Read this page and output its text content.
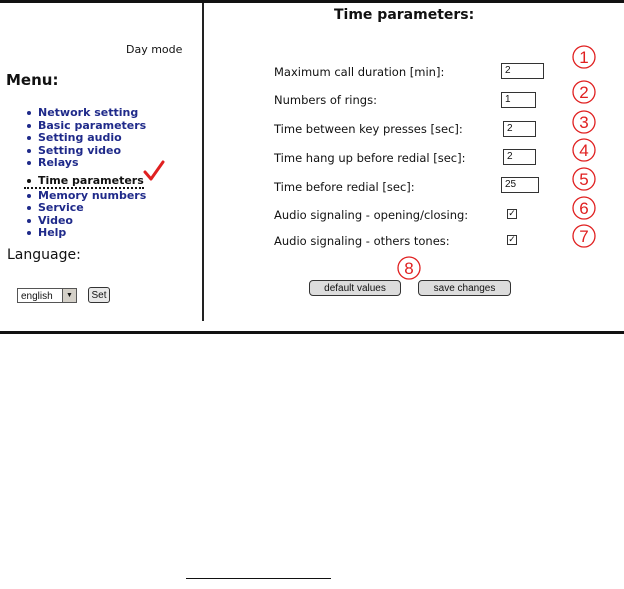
Day mode
Menu:
Network setting
Basic parameters
Setting audio
Setting video
Relays
Time parameters
Memory numbers
Service
Video
Help
Language:
english	▼	Set
Time parameters:
Maximum call duration [min]:	2
Numbers of rings:	1
Time between key presses [sec]:	2
Time hang up before redial [sec]:	2
Time before redial [sec]:	25
Audio signaling - opening/closing:	✓
Audio signaling - others tones:	✓
default values	save changes
1
2
3
4
5
6
7
8
